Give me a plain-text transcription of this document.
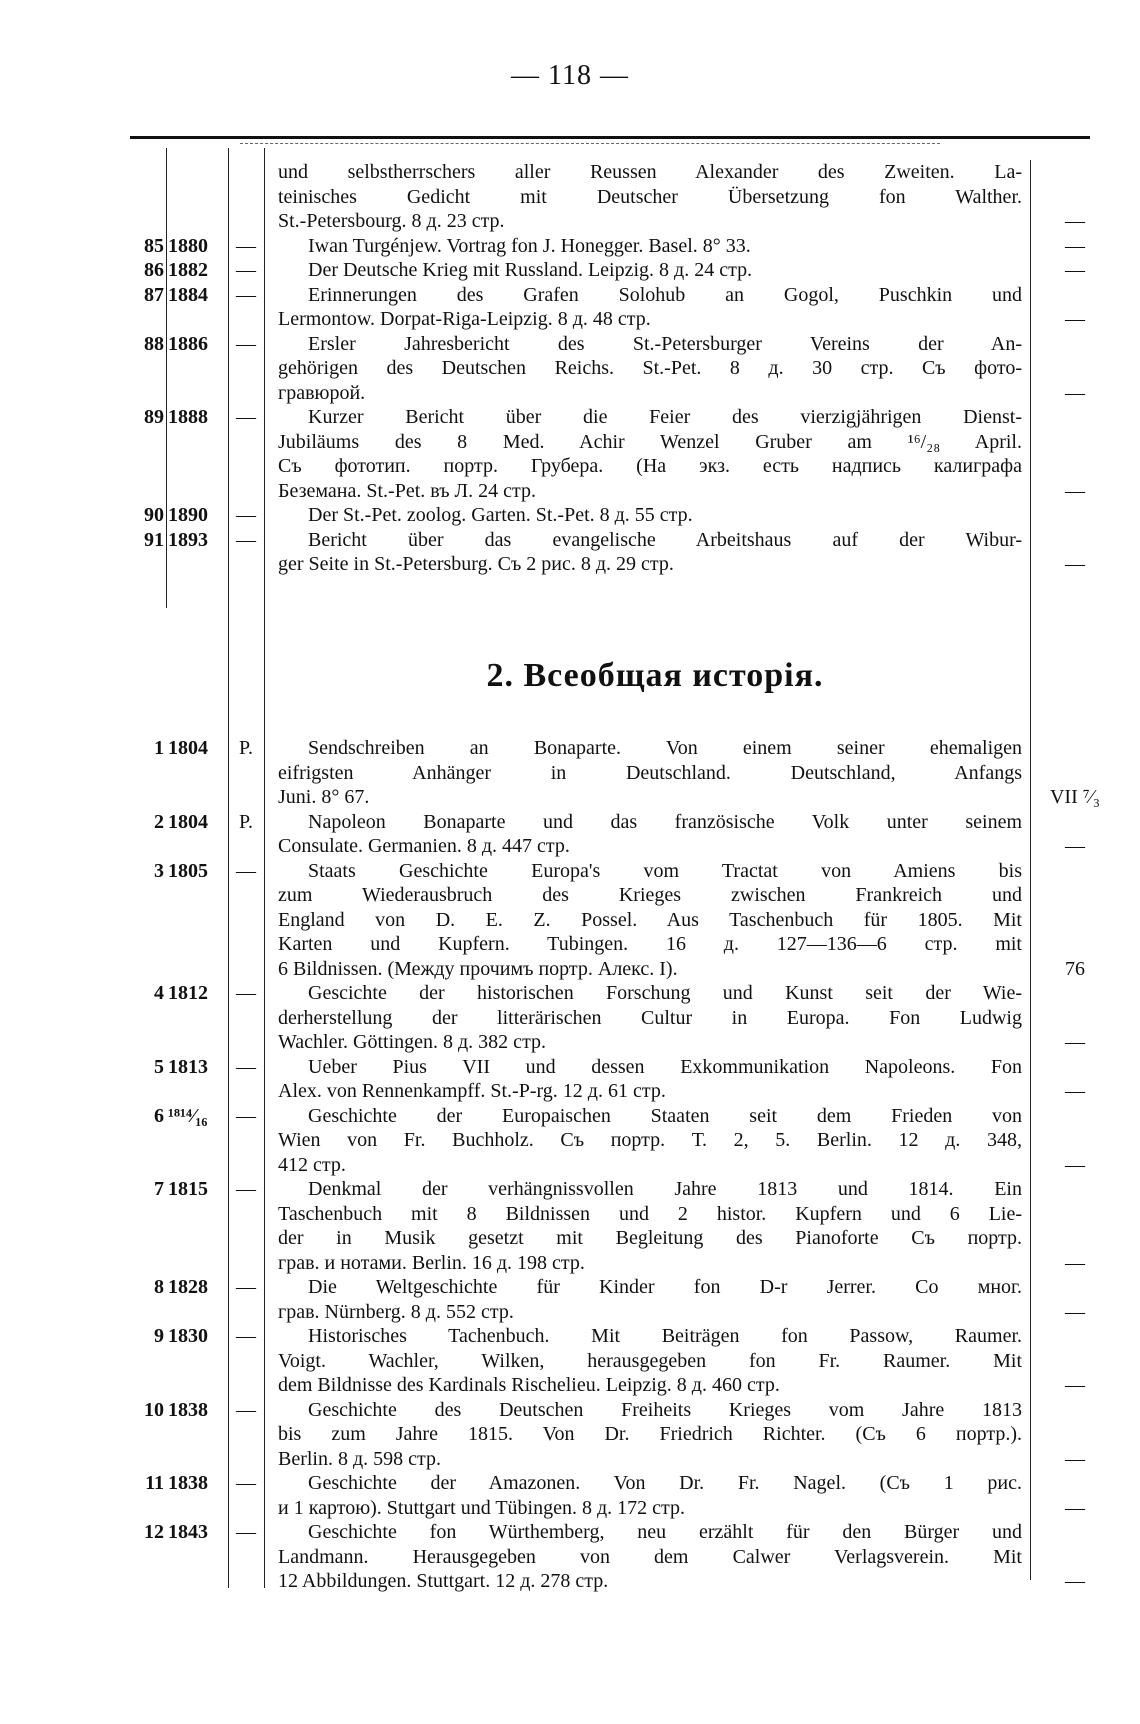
— 118 —
und selbstherrschers aller Reussen Alexander des Zweiten. La-
teinisches Gedicht mit Deutscher Übersetzung fon Walther.
St.-Petersbourg. 8 д. 23 стр.	—
85 1880	—	Iwan Turgénjew. Vortrag fon J. Honegger. Basel. 8° 33.	—
86 1882	—	Der Deutsche Krieg mit Russland. Leipzig. 8 д. 24 стр.	—
87 1884	—	Erinnerungen des Grafen Solohub an Gogol, Puschkin und
Lermontow. Dorpat-Riga-Leipzig. 8 д. 48 стр.	—
88 1886	—	Ersler Jahresbericht des St.-Petersburger Vereins der An-
gehörigen des Deutschen Reichs. St.-Pet. 8 д. 30 стр. Съ фото-
гравюрой.	—
89 1888	—	Kurzer Bericht über die Feier des vierzigjährigen Dienst-
Jubiläums des 8 Med. Achir Wenzel Gruber am ¹⁶/₂₈ April.
Съ фототип. портр. Грубера. (На экз. есть надпись калиграфа
Беземана. St.-Pet. въ Л. 24 стр.	—
90 1890	—	Der St.-Pet. zoolog. Garten. St.-Pet. 8 д. 55 стр.
91 1893	—	Bericht über das evangelische Arbeitshaus auf der Wibur-
ger Seite in St.-Petersburg. Съ 2 рис. 8 д. 29 стр.	—
2. Всеобщая исторія.
1 1804	P.	Sendschreiben an Bonaparte. Von einem seiner ehemaligen
eifrigsten Anhänger in Deutschland. Deutschland, Anfangs
Juni. 8° 67.	VII ⁷⁄₃
2 1804	P.	Napoleon Bonaparte und das französische Volk unter seinem
Consulate. Germanien. 8 д. 447 стр.	—
3 1805	—	Staats Geschichte Europa's vom Tractat von Amiens bis
zum Wiederausbruch des Krieges zwischen Frankreich und
England von D. E. Z. Possel. Aus Taschenbuch für 1805. Mit
Karten und Kupfern. Tubingen. 16 д. 127—136—6 стр. mit
6 Bildnissen. (Между прочимъ портр. Алекс. I).	76
4 1812	—	Gescichte der historischen Forschung und Kunst seit der Wie-
derherstellung der litterärischen Cultur in Europa. Fon Ludwig
Wachler. Göttingen. 8 д. 382 стр.	—
5 1813	—	Ueber Pius VII und dessen Exkommunikation Napoleons. Fon
Alex. von Rennenkampff. St.-P-rg. 12 д. 61 стр.	—
6 ¹⁸¹⁴⁄₁₆	—	Geschichte der Europaischen Staaten seit dem Frieden von
Wien von Fr. Buchholz. Съ портр. Т. 2, 5. Berlin. 12 д. 348,
412 стр.	—
7 1815	—	Denkmal der verhängnissvollen Jahre 1813 und 1814. Ein
Taschenbuch mit 8 Bildnissen und 2 histor. Kupfern und 6 Lie-
der in Musik gesetzt mit Begleitung des Pianoforte Съ портр.
грав. и нотами. Berlin. 16 д. 198 стр.	—
8 1828	—	Die Weltgeschichte für Kinder fon D-r Jerrer. Со мног.
грав. Nürnberg. 8 д. 552 стр.	—
9 1830	—	Historisches Tachenbuch. Mit Beiträgen fon Passow, Raumer.
Voigt. Wachler, Wilken, herausgegeben fon Fr. Raumer. Mit
dem Bildnisse des Kardinals Rischelieu. Leipzig. 8 д. 460 стр.	—
10 1838	—	Geschichte des Deutschen Freiheits Krieges vom Jahre 1813
bis zum Jahre 1815. Von Dr. Friedrich Richter. (Съ 6 портр.).
Berlin. 8 д. 598 стр.	—
11 1838	—	Geschichte der Amazonen. Von Dr. Fr. Nagel. (Съ 1 рис.
и 1 картою). Stuttgart und Tübingen. 8 д. 172 стр.	—
12 1843	—	Geschichte fon Würthemberg, neu erzählt für den Bürger und
Landmann. Herausgegeben von dem Calwer Verlagsverein. Mit
12 Abbildungen. Stuttgart. 12 д. 278 стр.	—
